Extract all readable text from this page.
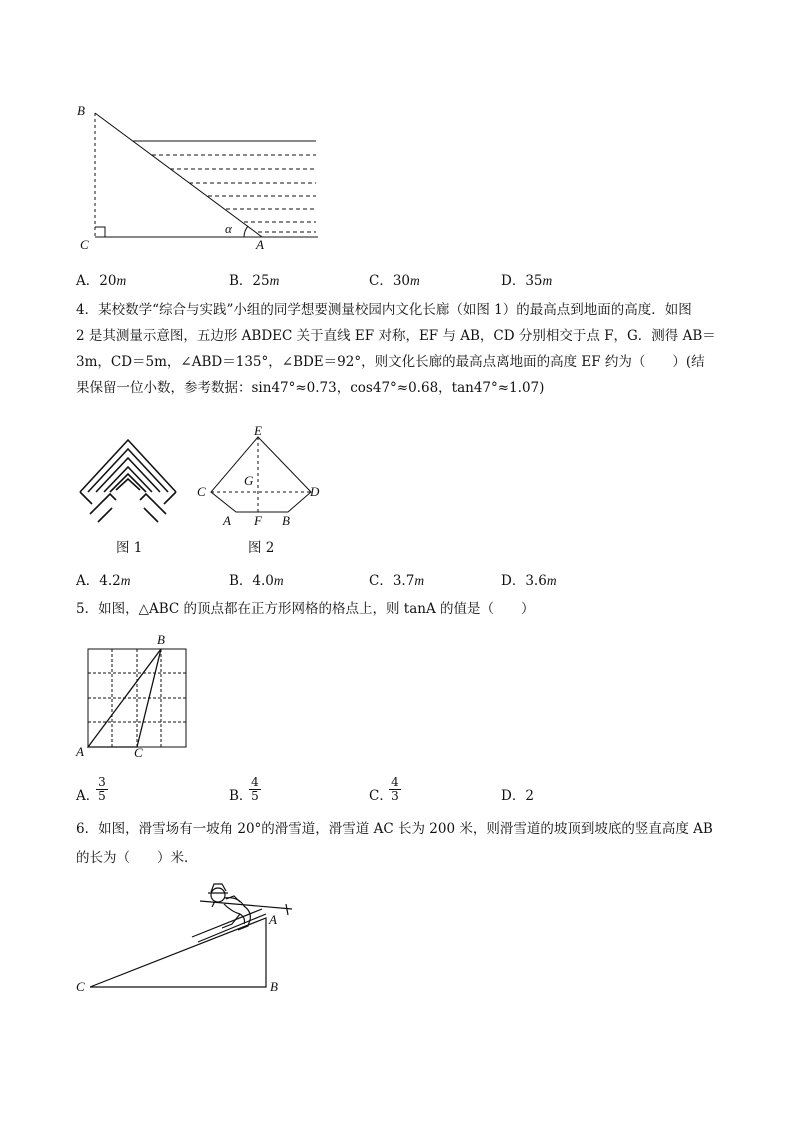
B
C	A
α
A．20m	B．25m	C．30m	D．35m
4．某校数学“综合与实践”小组的同学想要测量校园内文化长廊（如图 1）的最高点到地面的高度．如图
2 是其测量示意图，五边形 ABDEC 关于直线 EF 对称，EF 与 AB，CD 分别相交于点 F，G．测得 AB＝
3m，CD＝5m，∠ABD＝135°，∠BDE＝92°，则文化长廊的最高点离地面的高度 EF 约为（　　）(结
果保留一位小数，参考数据：sin47°≈0.73，cos47°≈0.68，tan47°≈1.07)
图 1
E
C
G
D
A F B
图 2
A．4.2m	B．4.0m	C．3.7m	D．3.6m
5．如图，△ABC 的顶点都在正方形网格的格点上，则 tanA 的值是（　　）
B
A	C
A．
$\frac{3}{5}$	B．
$\frac{4}{5}$	C．
$\frac{4}{3}$	D．2
6．如图，滑雪场有一坡角 20°的滑雪道，滑雪道 AC 长为 200 米，则滑雪道的坡顶到坡底的竖直高度 AB
的长为（　　）米．
A
B
C
